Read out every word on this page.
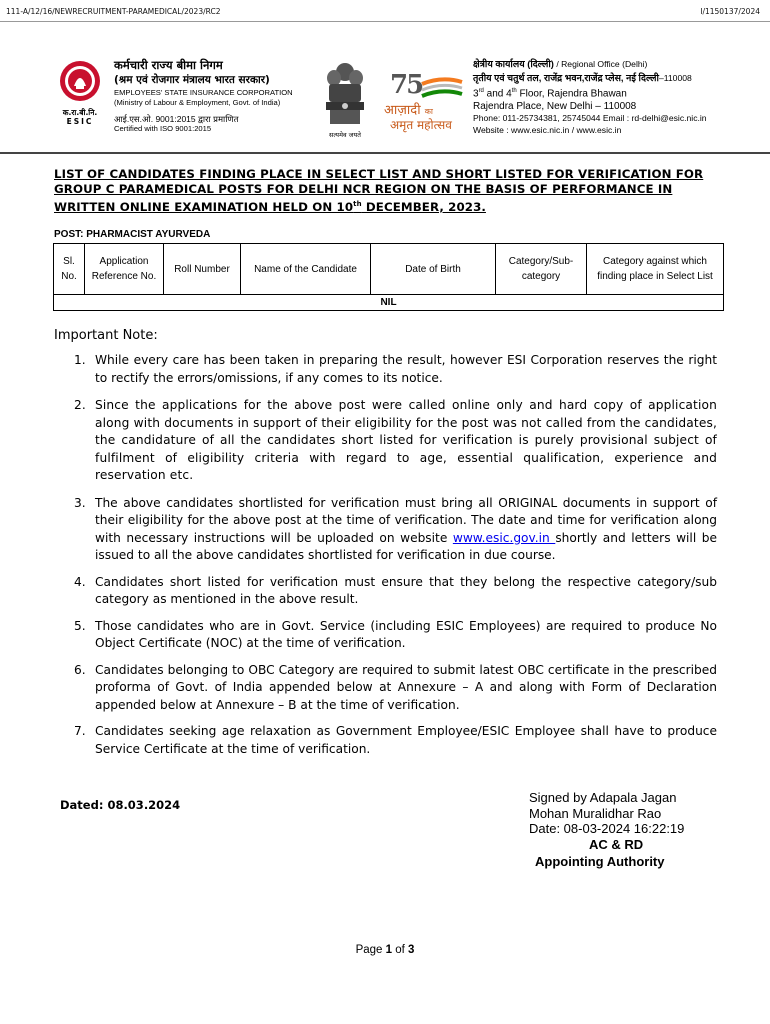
111-A/12/16/NEWRECRUITMENT-PARAMEDICAL/2023/RC2	I/1150137/2024
क.रा.बी.नि.
ESIC
कर्मचारी राज्य बीमा निगम
(श्रम एवं रोजगार मंत्रालय भारत सरकार)
EMPLOYEES' STATE INSURANCE CORPORATION
(Ministry of Labour & Employment, Govt. of India)
आई.एस.ओ. 9001:2015 द्वारा प्रमाणित
Certified with ISO 9001:2015
सत्यमेव जयते
75
आज़ादी का
अमृत महोत्सव
क्षेत्रीय कार्यालय (दिल्ली) / Regional Office (Delhi)
तृतीय एवं चतुर्थ तल, राजेंद्र भवन,राजेंद्र प्लेस, नई दिल्ली–110008
3rd and 4th Floor, Rajendra Bhawan
Rajendra Place, New Delhi – 110008
Phone: 011-25734381, 25745044 Email : rd-delhi@esic.nic.in
Website : www.esic.nic.in / www.esic.in
LIST OF CANDIDATES FINDING PLACE IN SELECT LIST AND SHORT LISTED FOR VERIFICATION FOR GROUP C PARAMEDICAL POSTS FOR DELHI NCR REGION ON THE BASIS OF PERFORMANCE IN WRITTEN ONLINE EXAMINATION HELD ON 10th DECEMBER, 2023.
POST: PHARMACIST AYURVEDA
Sl. No.	Application Reference No.	Roll Number	Name of the Candidate	Date of Birth	Category/Sub-category	Category against which finding place in Select List
NIL
Important Note:
1. While every care has been taken in preparing the result, however ESI Corporation reserves the right to rectify the errors/omissions, if any comes to its notice.
2. Since the applications for the above post were called online only and hard copy of application along with documents in support of their eligibility for the post was not called from the candidates, the candidature of all the candidates short listed for verification is purely provisional subject of fulfilment of eligibility criteria with regard to age, essential qualification, experience and reservation etc.
3. The above candidates shortlisted for verification must bring all ORIGINAL documents in support of their eligibility for the above post at the time of verification. The date and time for verification along with necessary instructions will be uploaded on website www.esic.gov.in shortly and letters will be issued to all the above candidates shortlisted for verification in due course.
4. Candidates short listed for verification must ensure that they belong the respective category/sub category as mentioned in the above result.
5. Those candidates who are in Govt. Service (including ESIC Employees) are required to produce No Object Certificate (NOC) at the time of verification.
6. Candidates belonging to OBC Category are required to submit latest OBC certificate in the prescribed proforma of Govt. of India appended below at Annexure – A and along with Form of Declaration appended below at Annexure – B at the time of verification.
7. Candidates seeking age relaxation as Government Employee/ESIC Employee shall have to produce Service Certificate at the time of verification.
Dated: 08.03.2024	Signed by Adapala Jagan
Mohan Muralidhar Rao
Date: 08-03-2024 16:22:19
AC & RD
Appointing Authority
Page 1 of 3
